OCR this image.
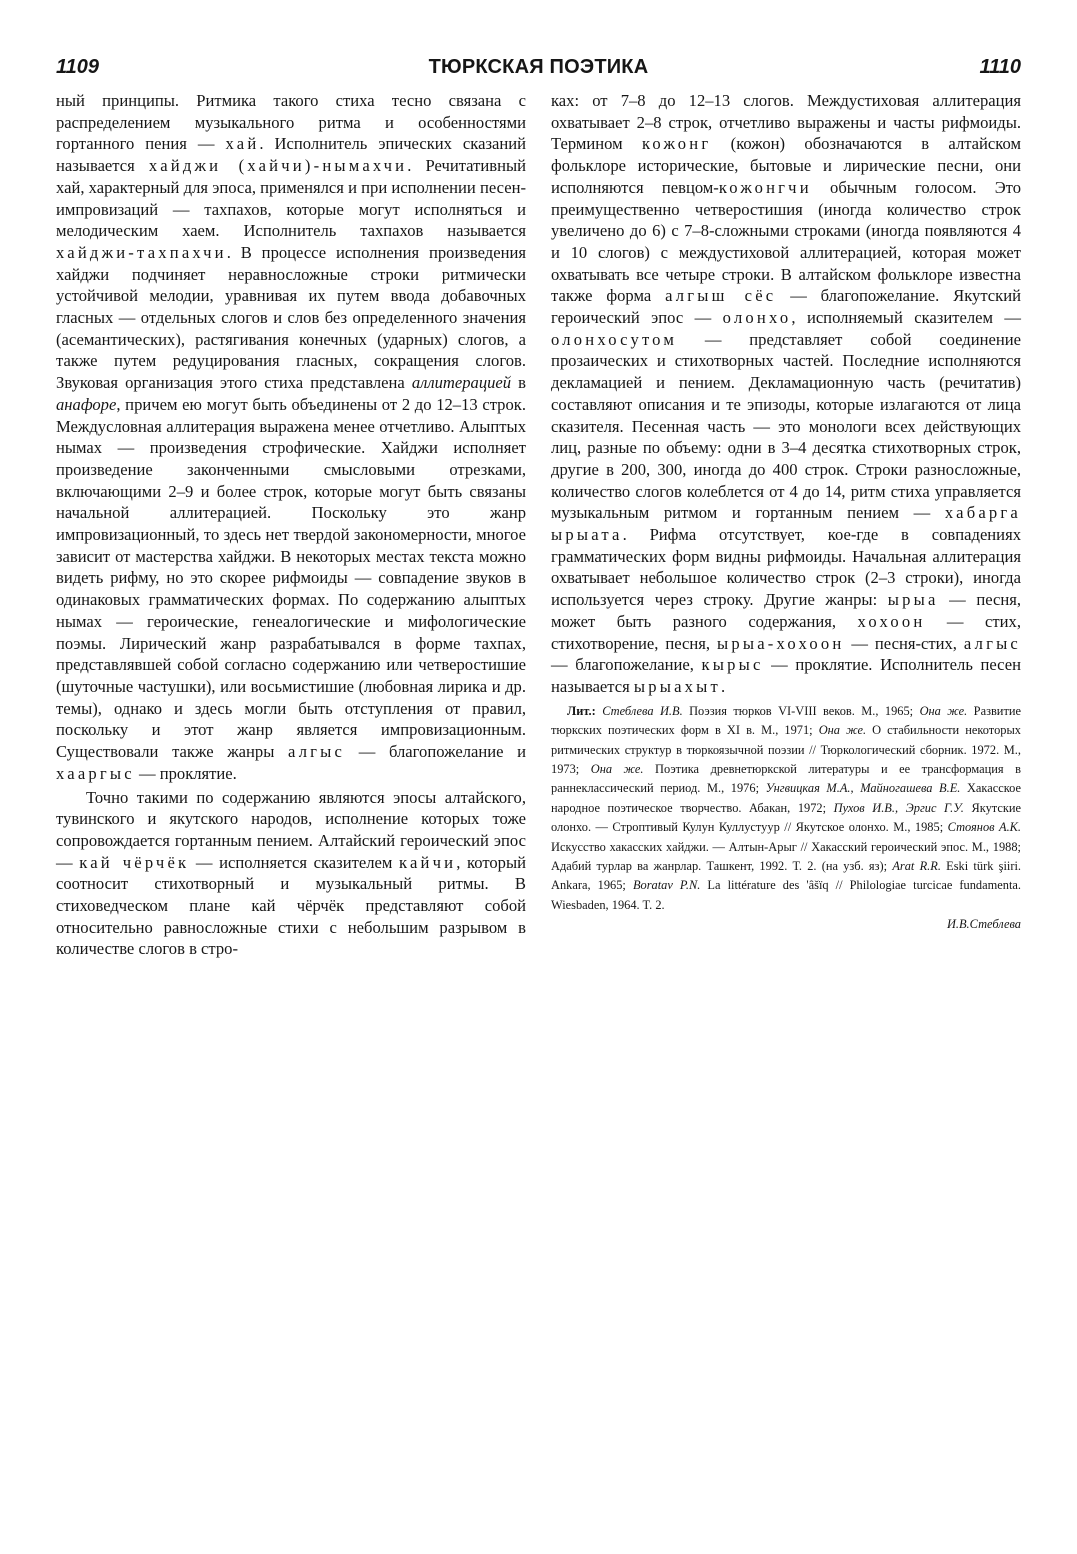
1109	ТЮРКСКАЯ ПОЭТИКА	1110

ный принципы. Ритмика такого стиха тесно связана с распределением музыкального ритма и особенностями гортанного пения — хай. Исполнитель эпических сказаний называется хайджи (хайчи)-нымахчи. Речитативный хай, характерный для эпоса, применялся и при исполнении песен-импровизаций — тахпахов, которые могут исполняться и мелодическим хаем. Исполнитель тахпахов называется хайджи-тахпахчи. В процессе исполнения произведения хайджи подчиняет неравносложные строки ритмически устойчивой мелодии, уравнивая их путем ввода добавочных гласных — отдельных слогов и слов без определенного значения (асемантических), растягивания конечных (ударных) слогов, а также путем редуцирования гласных, сокращения слогов. Звуковая организация этого стиха представлена аллитерацией в анафоре, причем ею могут быть объединены от 2 до 12–13 строк. Междусловная аллитерация выражена менее отчетливо. Алыптых нымах — произведения строфические. Хайджи исполняет произведение законченными смысловыми отрезками, включающими 2–9 и более строк, которые могут быть связаны начальной аллитерацией. Поскольку это жанр импровизационный, то здесь нет твердой закономерности, многое зависит от мастерства хайджи. В некоторых местах текста можно видеть рифму, но это скорее рифмоиды — совпадение звуков в одинаковых грамматических формах. По содержанию алыптых нымах — героические, генеалогические и мифологические поэмы. Лирический жанр разрабатывался в форме тахпах, представлявшей собой согласно содержанию или четверостишие (шуточные частушки), или восьмистишие (любовная лирика и др. темы), однако и здесь могли быть отступления от правил, поскольку и этот жанр является импровизационным. Существовали также жанры алгыс — благопожелание и хааргыс — проклятие.

Точно такими по содержанию являются эпосы алтайского, тувинского и якутского народов, исполнение которых тоже сопровождается гортанным пением. Алтайский героический эпос — кай чёрчёк — исполняется сказителем кайчи, который соотносит стихотворный и музыкальный ритмы. В стиховедческом плане кай чёрчёк представляют собой относительно равносложные стихи с небольшим разрывом в количестве слогов в стро-

ках: от 7–8 до 12–13 слогов. Междустиховая аллитерация охватывает 2–8 строк, отчетливо выражены и часты рифмоиды. Термином кожонг (кожон) обозначаются в алтайском фольклоре исторические, бытовые и лирические песни, они исполняются певцом-кожонгчи обычным голосом. Это преимущественно четверостишия (иногда количество строк увеличено до 6) с 7–8-сложными строками (иногда появляются 4 и 10 слогов) с междустиховой аллитерацией, которая может охватывать все четыре строки. В алтайском фольклоре известна также форма алгыш сёс — благопожелание. Якутский героический эпос — олонхо, исполняемый сказителем — олонхосутом — представляет собой соединение прозаических и стихотворных частей. Последние исполняются декламацией и пением. Декламационную часть (речитатив) составляют описания и те эпизоды, которые излагаются от лица сказителя. Песенная часть — это монологи всех действующих лиц, разные по объему: одни в 3–4 десятка стихотворных строк, другие в 200, 300, иногда до 400 строк. Строки разносложные, количество слогов колеблется от 4 до 14, ритм стиха управляется музыкальным ритмом и гортанным пением — хабарга ырыата. Рифма отсутствует, кое-где в совпадениях грамматических форм видны рифмоиды. Начальная аллитерация охватывает небольшое количество строк (2–3 строки), иногда используется через строку. Другие жанры: ырыа — песня, может быть разного содержания, хохоон — стих, стихотворение, песня, ырыа-хохоон — песня-стих, алгыс — благопожелание, кырыс — проклятие. Исполнитель песен называется ырыахыт.

Лит.: Стеблева И.В. Поэзия тюрков VI-VIII веков. М., 1965; Она же. Развитие тюркских поэтических форм в XI в. М., 1971; Она же. О стабильности некоторых ритмических структур в тюркоязычной поэзии // Тюркологический сборник. 1972. М., 1973; Она же. Поэтика древнетюркской литературы и ее трансформация в раннеклассический период. М., 1976; Унгвицкая М.А., Майногашева В.Е. Хакасское народное поэтическое творчество. Абакан, 1972; Пухов И.В., Эргис Г.У. Якутские олонхо. — Строптивый Кулун Куллустуур // Якутское олонхо. М., 1985; Стоянов А.К. Искусство хакасских хайджи. — Алтын-Арыг // Хакасский героический эпос. М., 1988; Адабий турлар ва жанрлар. Ташкент, 1992. Т. 2. (на узб. яз); Arat R.R. Eski türk şiiri. Ankara, 1965; Boratav P.N. La littérature des 'âšïq // Philologiae turcicae fundamenta. Wiesbaden, 1964. T. 2.
И.В.Стеблева
